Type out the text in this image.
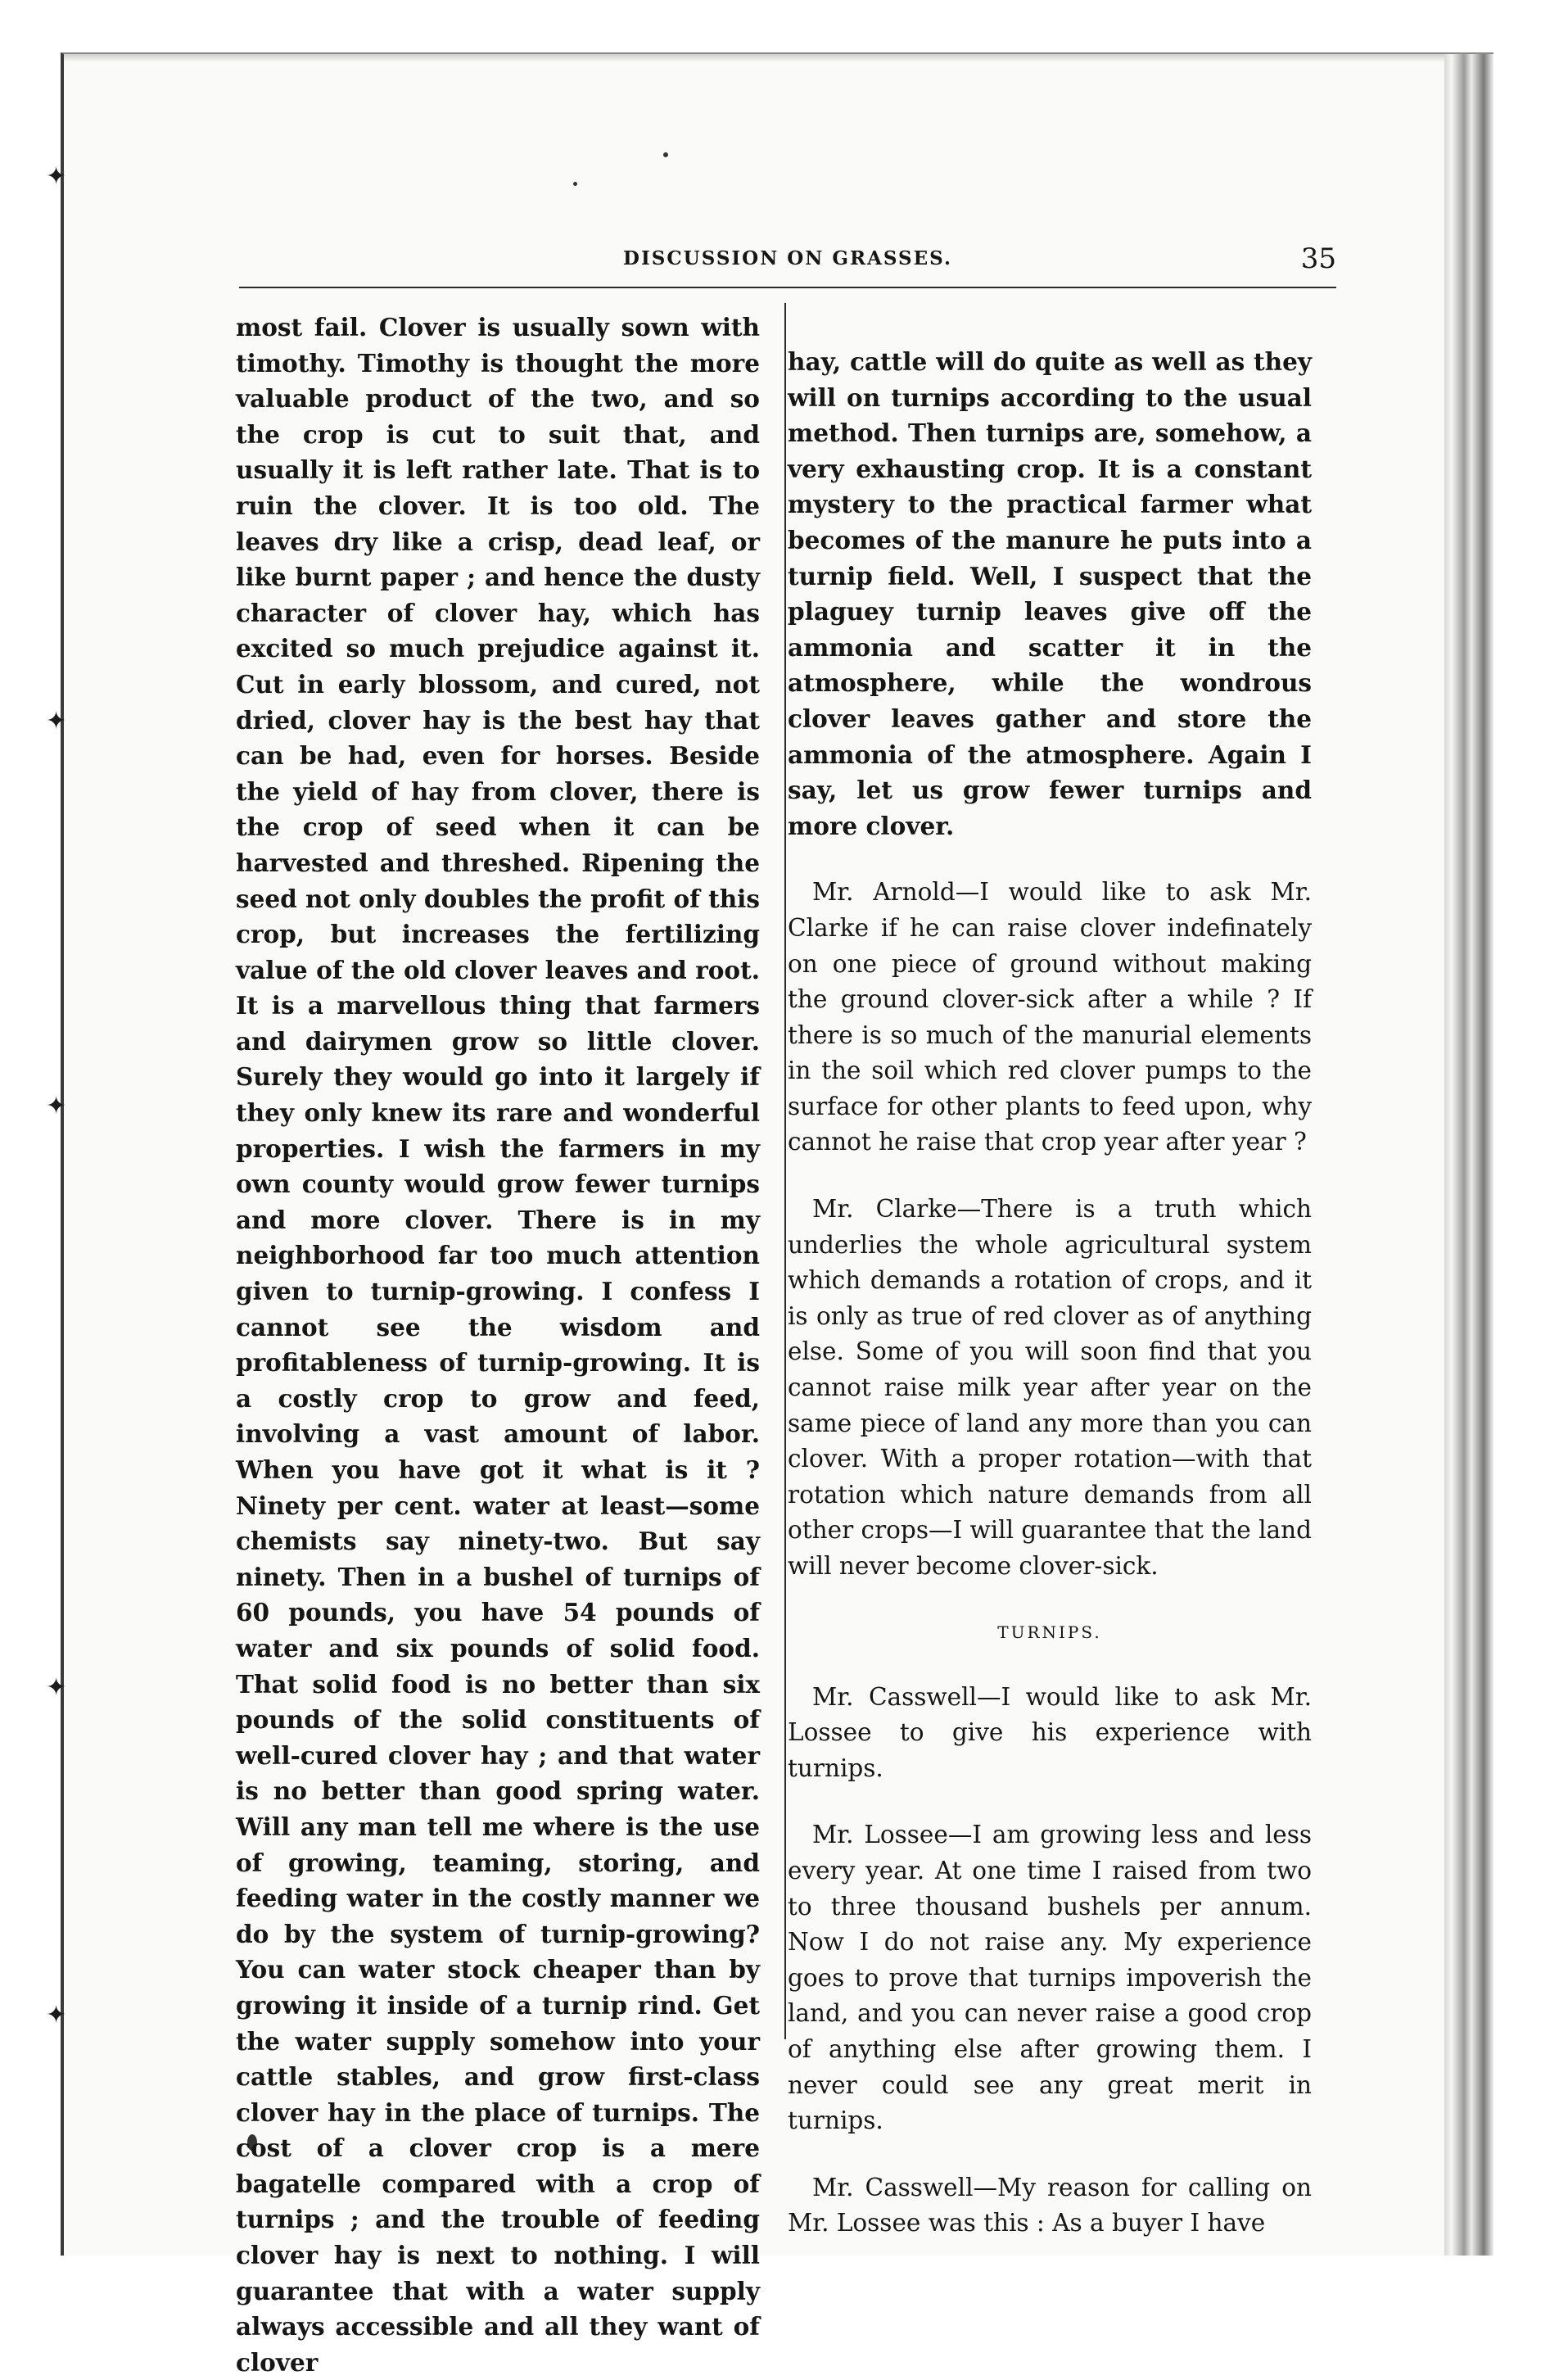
✦
✦
✦
✦
✦
DISCUSSION ON GRASSES.	35

most fail. Clover is usually sown with timothy. Timothy is thought the more valuable product of the two, and so the crop is cut to suit that, and usually it is left rather late. That is to ruin the clover. It is too old. The leaves dry like a crisp, dead leaf, or like burnt paper ; and hence the dusty character of clover hay, which has excited so much prejudice against it. Cut in early blossom, and cured, not dried, clover hay is the best hay that can be had, even for horses. Beside the yield of hay from clover, there is the crop of seed when it can be harvested and threshed. Ripening the seed not only doubles the profit of this crop, but increases the fertilizing value of the old clover leaves and root. It is a marvellous thing that farmers and dairymen grow so little clover. Surely they would go into it largely if they only knew its rare and wonderful properties. I wish the farmers in my own county would grow fewer turnips and more clover. There is in my neighborhood far too much attention given to turnip-growing. I confess I cannot see the wisdom and profitableness of turnip-growing. It is a costly crop to grow and feed, involving a vast amount of labor. When you have got it what is it ? Ninety per cent. water at least—some chemists say ninety-two. But say ninety. Then in a bushel of turnips of 60 pounds, you have 54 pounds of water and six pounds of solid food. That solid food is no better than six pounds of the solid constituents of well-cured clover hay ; and that water is no better than good spring water. Will any man tell me where is the use of growing, teaming, storing, and feeding water in the costly manner we do by the system of turnip-growing? You can water stock cheaper than by growing it inside of a turnip rind. Get the water supply somehow into your cattle stables, and grow first-class clover hay in the place of turnips. The cost of a clover crop is a mere bagatelle compared with a crop of turnips ; and the trouble of feeding clover hay is next to nothing. I will guarantee that with a water supply always accessible and all they want of clover

hay, cattle will do quite as well as they will on turnips according to the usual method. Then turnips are, somehow, a very exhausting crop. It is a constant mystery to the practical farmer what becomes of the manure he puts into a turnip field. Well, I suspect that the plaguey turnip leaves give off the ammonia and scatter it in the atmosphere, while the wondrous clover leaves gather and store the ammonia of the atmosphere. Again I say, let us grow fewer turnips and more clover.

Mr. Arnold—I would like to ask Mr. Clarke if he can raise clover indefinately on one piece of ground without making the ground clover-sick after a while ? If there is so much of the manurial elements in the soil which red clover pumps to the surface for other plants to feed upon, why cannot he raise that crop year after year ?

Mr. Clarke—There is a truth which underlies the whole agricultural system which demands a rotation of crops, and it is only as true of red clover as of anything else. Some of you will soon find that you cannot raise milk year after year on the same piece of land any more than you can clover. With a proper rotation—with that rotation which nature demands from all other crops—I will guarantee that the land will never become clover-sick.

TURNIPS.

Mr. Casswell—I would like to ask Mr. Lossee to give his experience with turnips.

Mr. Lossee—I am growing less and less every year. At one time I raised from two to three thousand bushels per annum. Now I do not raise any. My experience goes to prove that turnips impoverish the land, and you can never raise a good crop of anything else after growing them. I never could see any great merit in turnips.

Mr. Casswell—My reason for calling on Mr. Lossee was this : As a buyer I have
